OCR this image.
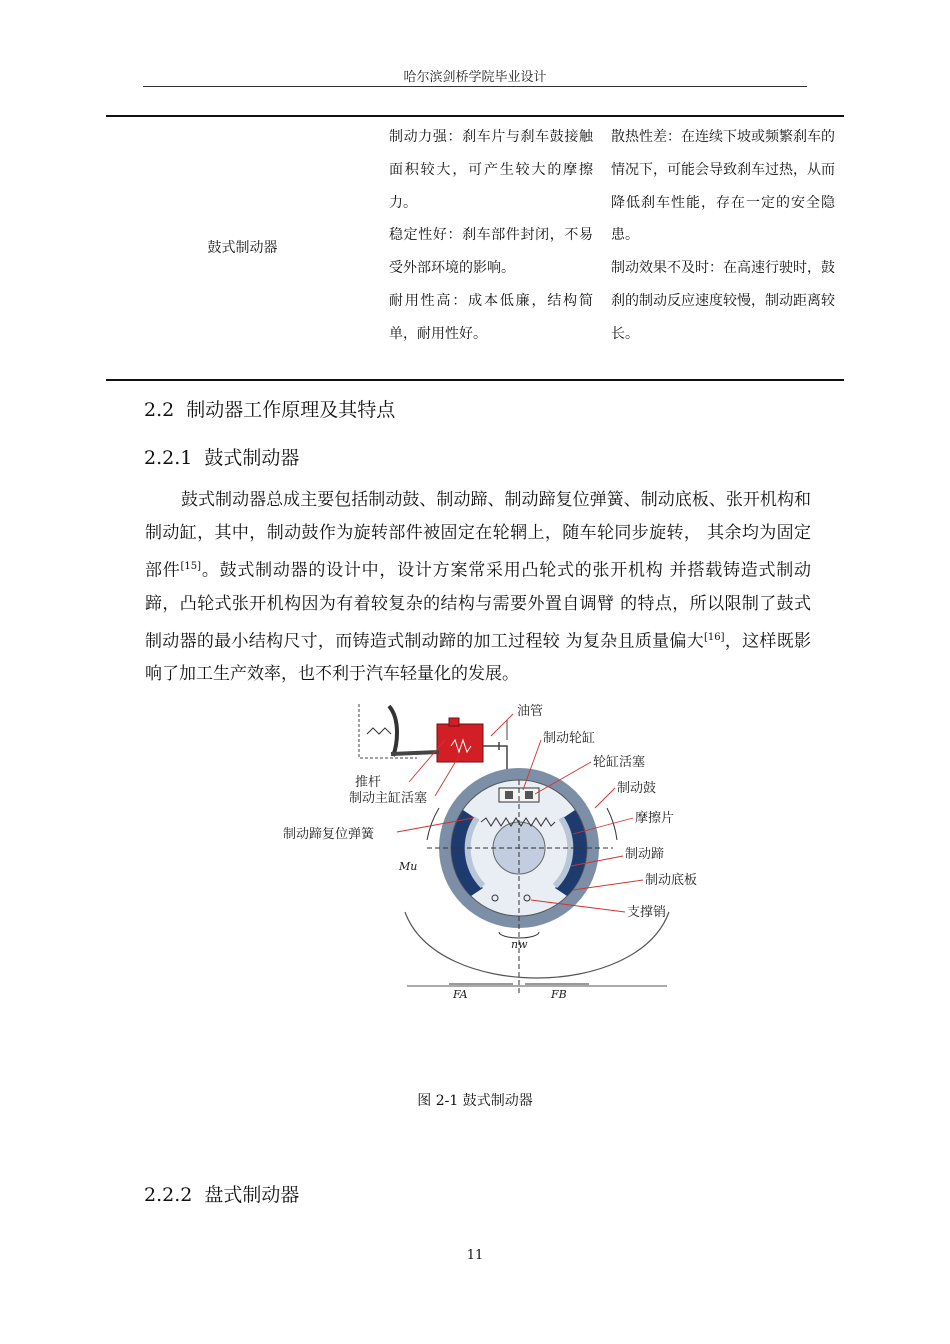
哈尔滨剑桥学院毕业设计
鼓式制动器

制动力强：刹车片与刹车鼓接触面积较大，可产生较大的摩擦力。

稳定性好：刹车部件封闭，不易受外部环境的影响。

耐用性高：成本低廉，结构简单，耐用性好。

散热性差：在连续下坡或频繁刹车的情况下，可能会导致刹车过热，从而降低刹车性能，存在一定的安全隐患。

制动效果不及时：在高速行驶时，鼓刹的制动反应速度较慢，制动距离较长。

2.2 制动器工作原理及其特点
2.2.1 鼓式制动器

鼓式制动器总成主要包括制动鼓、制动蹄、制动蹄复位弹簧、制动底板、张开机构和制动缸，其中，制动鼓作为旋转部件被固定在轮辋上，随车轮同步旋转， 其余均为固定部件[15]。鼓式制动器的设计中，设计方案常采用凸轮式的张开机构 并搭载铸造式制动蹄，凸轮式张开机构因为有着较复杂的结构与需要外置自调臂 的特点，所以限制了鼓式制动器的最小结构尺寸，而铸造式制动蹄的加工过程较 为复杂且质量偏大[16]，这样既影响了加工生产效率，也不利于汽车轻量化的发展。

油管
制动轮缸
轮缸活塞
制动鼓
摩擦片
制动蹄
制动底板
支撑销
推杆
制动主缸活塞
制动蹄复位弹簧
Mu
nw
FA	FB
图 2-1 鼓式制动器
2.2.2 盘式制动器
11
